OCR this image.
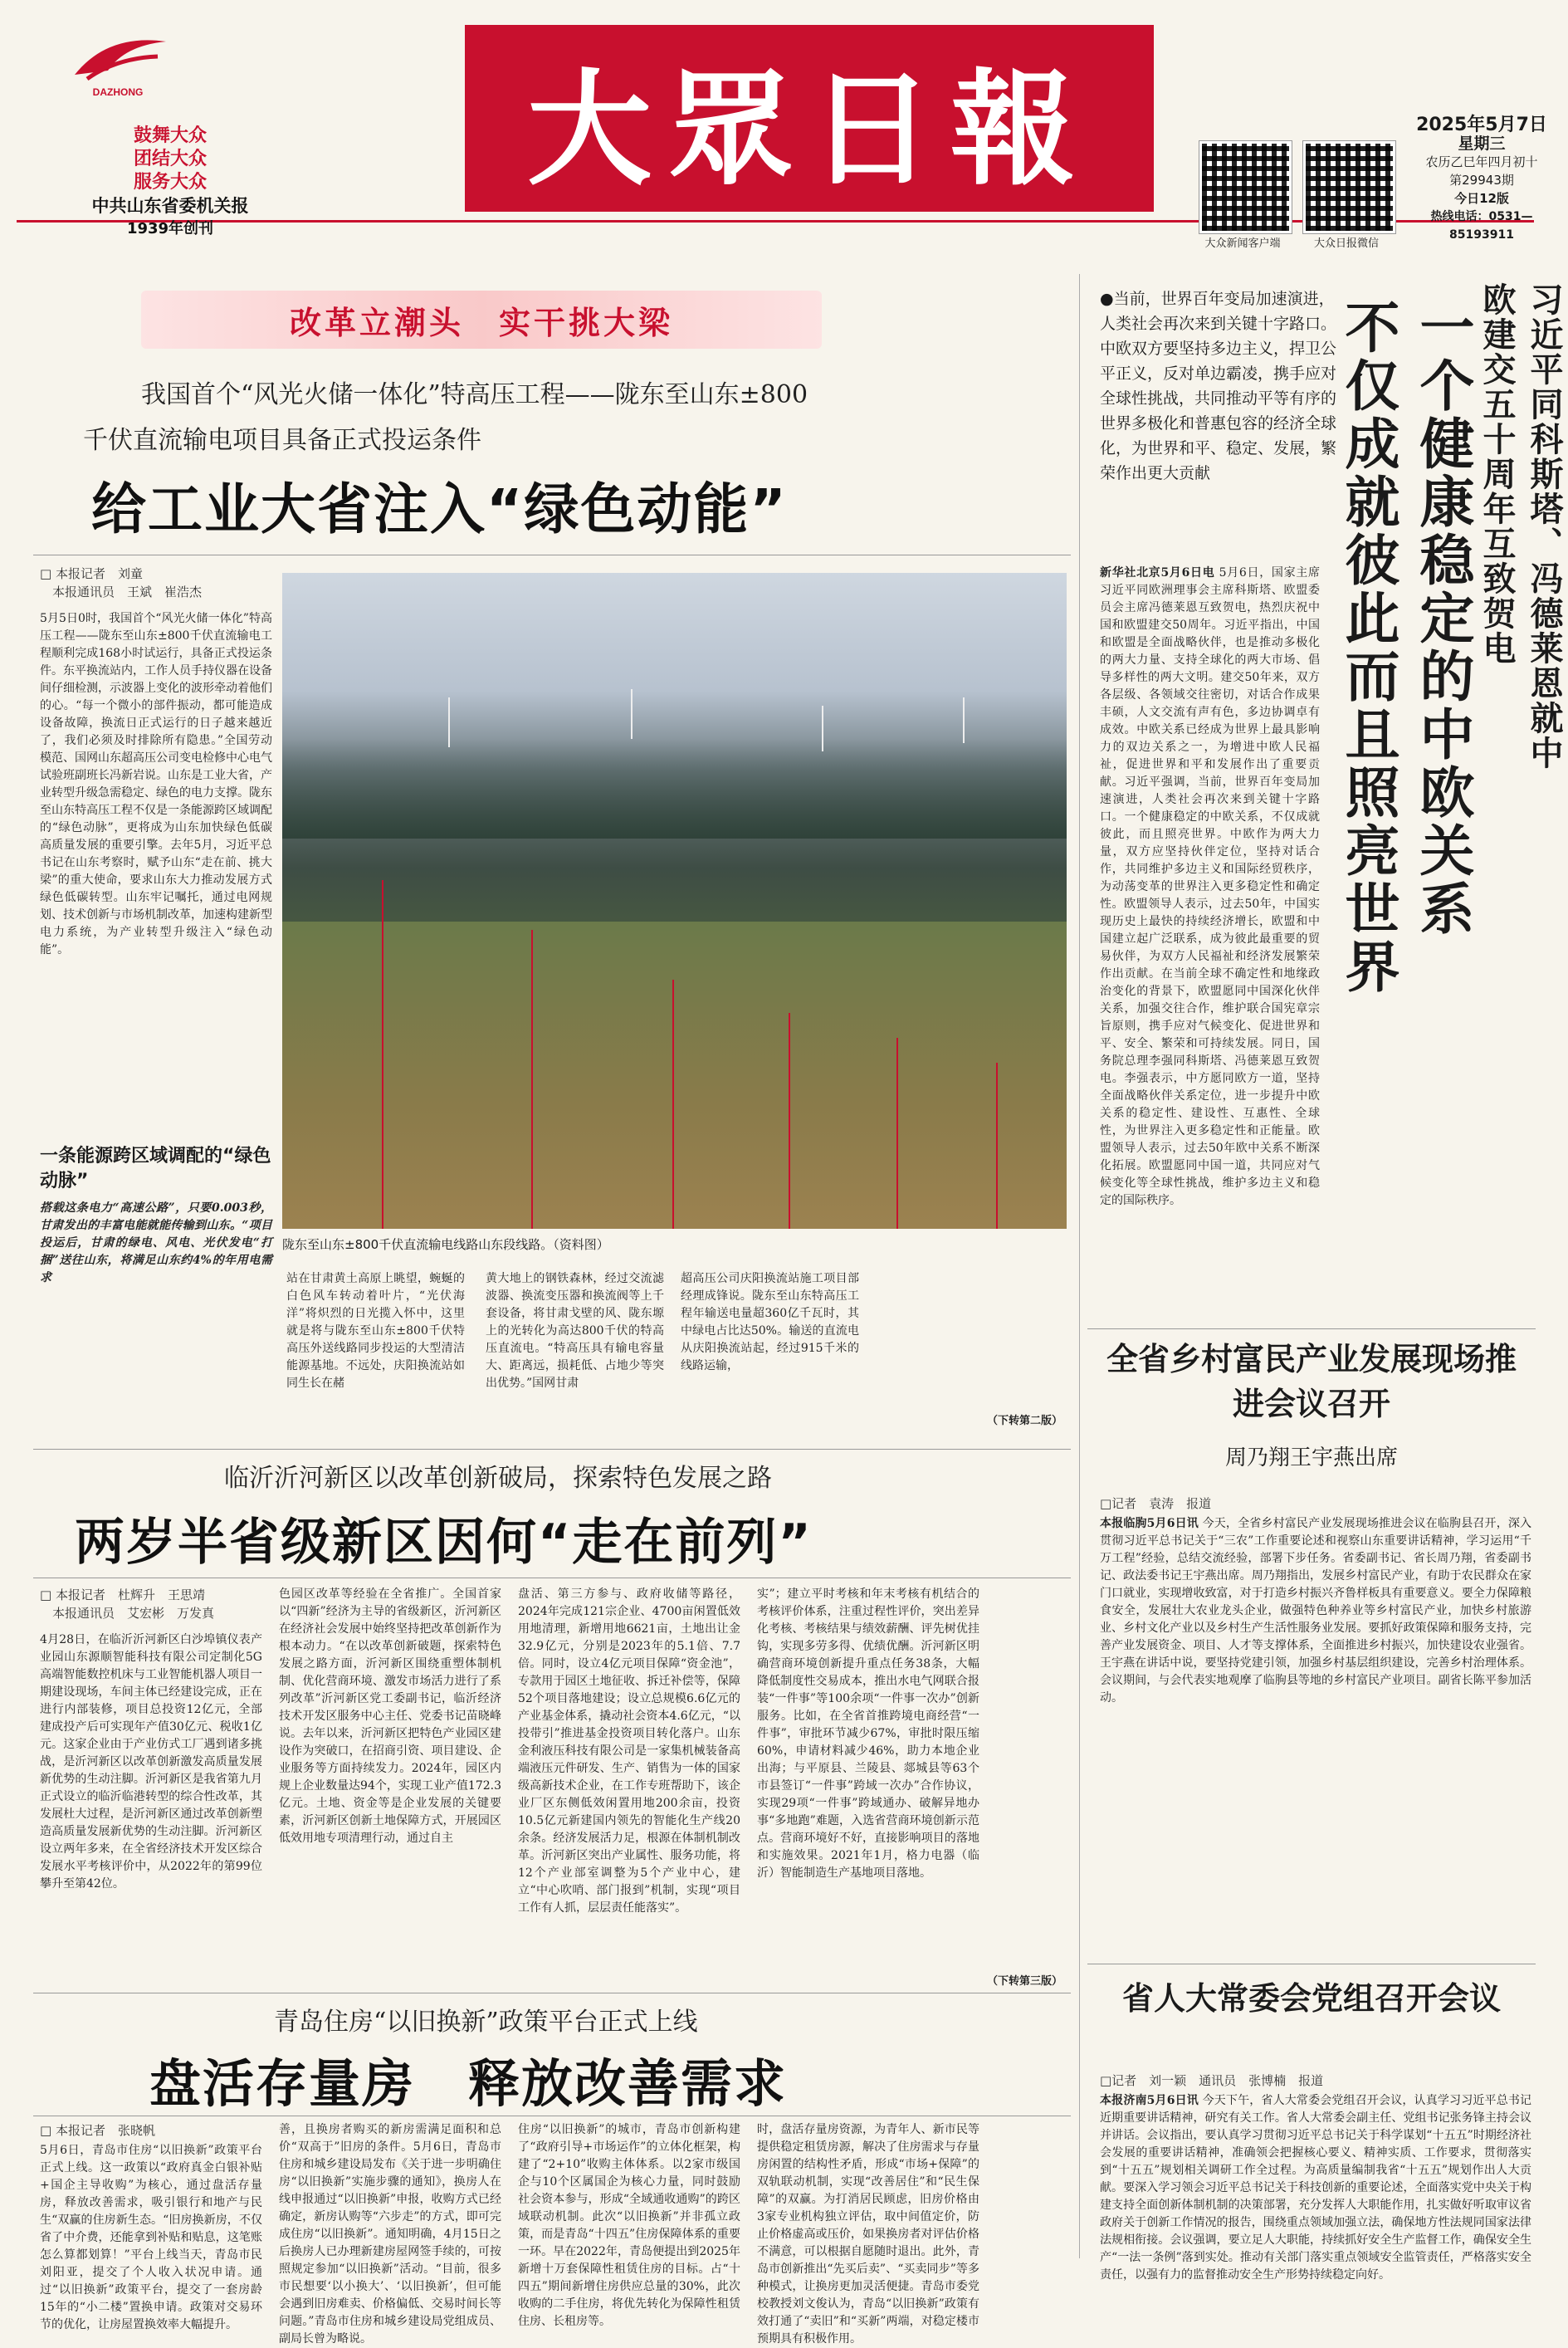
DAZHONG
鼓舞大众
团结大众
服务大众
中共山东省委机关报
1939年创刊
大眾日報
大众新闻客户端	大众日报微信
2025年5月7日
星期三
农历乙巳年四月初十
第29943期
今日12版
热线电话：0531—85193911
改革立潮头　实干挑大梁
我国首个“风光火储一体化”特高压工程——陇东至山东±800
千伏直流输电项目具备正式投运条件
给工业大省注入“绿色动能”
□ 本报记者　刘童
　本报通讯员　王斌　崔浩杰
5月5日0时，我国首个“风光火储一体化”特高压工程——陇东至山东±800千伏直流输电工程顺利完成168小时试运行，具备正式投运条件。东平换流站内，工作人员手持仪器在设备间仔细检测，示波器上变化的波形牵动着他们的心。“每一个微小的部件振动，都可能造成设备故障，换流日正式运行的日子越来越近了，我们必须及时排除所有隐患。”全国劳动模范、国网山东超高压公司变电检修中心电气试验班副班长冯新岩说。山东是工业大省，产业转型升级急需稳定、绿色的电力支撑。陇东至山东特高压工程不仅是一条能源跨区域调配的“绿色动脉”，更将成为山东加快绿色低碳高质量发展的重要引擎。去年5月，习近平总书记在山东考察时，赋予山东“走在前、挑大梁”的重大使命，要求山东大力推动发展方式绿色低碳转型。山东牢记嘱托，通过电网规划、技术创新与市场机制改革，加速构建新型电力系统，为产业转型升级注入“绿色动能”。
一条能源跨区域调配的“绿色动脉”
搭载这条电力“高速公路”，只要0.003秒，甘肃发出的丰富电能就能传输到山东。“项目投运后，甘肃的绿电、风电、光伏发电“打捆”送往山东，将满足山东约4%的年用电需求
陇东至山东±800千伏直流输电线路山东段线路。（资料图）
站在甘肃黄土高原上眺望，蜿蜒的白色风车转动着叶片，“光伏海洋”将炽烈的日光揽入怀中，这里就是将与陇东至山东±800千伏特高压外送线路同步投运的大型清洁能源基地。不远处，庆阳换流站如同生长在赭
黄大地上的钢铁森林，经过交流滤波器、换流变压器和换流阀等上千套设备，将甘肃戈壁的风、陇东塬上的光转化为高达800千伏的特高压直流电。“特高压具有输电容量大、距离远，损耗低、占地少等突出优势。”国网甘肃
超高压公司庆阳换流站施工项目部经理成锋说。陇东至山东特高压工程年输送电量超360亿千瓦时，其中绿电占比达50%。输送的直流电从庆阳换流站起，经过915千米的线路运输，
（下转第二版）
临沂沂河新区以改革创新破局，探索特色发展之路
两岁半省级新区因何“走在前列”
□ 本报记者　杜辉升　王思靖
　本报通讯员　艾宏彬　万发真
4月28日，在临沂沂河新区白沙埠镇仪表产业园山东源顺智能科技有限公司定制化5G高端智能数控机床与工业智能机器人项目一期建设现场，车间主体已经建设完成，正在进行内部装修，项目总投资12亿元，全部建成投产后可实现年产值30亿元、税收1亿元。这家企业由于产业仿式工厂遇到诸多挑战，是沂河新区以改革创新激发高质量发展新优势的生动注脚。沂河新区是我省第九月正式设立的临沂临港转型的综合性改革，其发展杜大过程，是沂河新区通过改革创新塑造高质量发展新优势的生动注脚。沂河新区设立两年多来，在全省经济技术开发区综合发展水平考核评价中，从2022年的第99位攀升至第42位。
色园区改革等经验在全省推广。全国首家以“四新”经济为主导的省级新区，沂河新区在经济社会发展中始终坚持把改革创新作为根本动力。“在以改革创新破题，探索特色发展之路方面，沂河新区围绕重塑体制机制、优化营商环境、激发市场活力进行了系列改革”沂河新区党工委副书记，临沂经济技术开发区服务中心主任、党委书记苗晓峰说。去年以来，沂河新区把特色产业园区建设作为突破口，在招商引资、项目建设、企业服务等方面持续发力。2024年，园区内规上企业数量达94个，实现工业产值172.3亿元。土地、资金等是企业发展的关键要素，沂河新区创新土地保障方式，开展园区低效用地专项清理行动，通过自主
盘活、第三方参与、政府收储等路径，2024年完成121宗企业、4700亩闲置低效用地清理，新增用地6621亩，土地出让金32.9亿元，分别是2023年的5.1倍、7.7倍。同时，设立4亿元项目保障“资金池”，专款用于园区土地征收、拆迁补偿等，保障52个项目落地建设；设立总规模6.6亿元的产业基金体系，撬动社会资本4.6亿元，“以投带引”推进基金投资项目转化落户。山东金利液压科技有限公司是一家集机械装备高端液压元件研发、生产、销售为一体的国家级高新技术企业，在工作专班帮助下，该企业厂区东侧低效闲置用地200余亩，投资10.5亿元新建国内领先的智能化生产线20余条。经济发展活力足，根源在体制机制改革。沂河新区突出产业属性、服务功能，将12个产业部室调整为5个产业中心，建立“中心吹哨、部门报到”机制，实现“项目工作有人抓，层层责任能落实”。
实”；建立平时考核和年末考核有机结合的考核评价体系，注重过程性评价，突出差异化考核、考核结果与绩效薪酬、评先树优挂钩，实现多劳多得、优绩优酬。沂河新区明确营商环境创新提升重点任务38条，大幅降低制度性交易成本，推出水电气网联合报装“一件事”等100余项“一件事一次办”创新服务。比如，在全省首推跨境电商经营“一件事”，审批环节减少67%，审批时限压缩60%，申请材料减少46%，助力本地企业出海；与平原县、兰陵县、郯城县等63个市县签订“一件事”跨域一次办”合作协议，实现29项“一件事”跨域通办、破解异地办事“多地跑”难题，入选省营商环境创新示范点。营商环境好不好，直接影响项目的落地和实施效果。2021年1月，格力电器（临沂）智能制造生产基地项目落地。
（下转第三版）
青岛住房“以旧换新”政策平台正式上线
盘活存量房　释放改善需求
□ 本报记者　张晓帆
5月6日，青岛市住房“以旧换新”政策平台正式上线。这一政策以“政府真金白银补贴+国企主导收购”为核心，通过盘活存量房，释放改善需求，吸引银行和地产与民生“双赢的住房新生态。“旧房换新房，不仅省了中介费，还能拿到补贴和贴息，这笔账怎么算都划算！”平台上线当天，青岛市民刘阳亚，提交了个人收入状况申请。通过“以旧换新”政策平台，提交了一套房龄15年的“小二楼”置换申请。政策对交易环节的优化，让房屋置换效率大幅提升。
善，且换房者购买的新房需满足面积和总价“双高于”旧房的条件。5月6日，青岛市住房和城乡建设局发布《关于进一步明确住房“以旧换新”实施步骤的通知》，换房人在线申报通过“以旧换新”申报，收购方式已经确定，新房认购等“六步走”的方式，即可完成住房“以旧换新”。通知明确，4月15日之后换房人已办理新建房屋网签手续的，可按照规定参加“以旧换新”活动。“目前，很多市民想要‘以小换大’、‘以旧换新’，但可能会遇到旧房难卖、价格偏低、交易时间长等问题。”青岛市住房和城乡建设局党组成员、副局长曾为略说。
住房“以旧换新”的城市，青岛市创新构建了“政府引导+市场运作”的立体化框架，构建了“2+10”收购主体体系。以2家市级国企与10个区属国企为核心力量，同时鼓励社会资本参与，形成“全域通收通购”的跨区域联动机制。此次“以旧换新”并非孤立政策，而是青岛“十四五”住房保障体系的重要一环。早在2022年，青岛便提出到2025年新增十万套保障性租赁住房的目标。占“十四五”期间新增住房供应总量的30%，此次收购的二手住房，将优先转化为保障性租赁住房、长租房等。
时，盘活存量房资源，为青年人、新市民等提供稳定租赁房源，解决了住房需求与存量房闲置的结构性矛盾，形成“市场+保障”的双轨联动机制，实现“改善居住”和“民生保障”的双赢。为打消居民顾虑，旧房价格由3家专业机构独立评估，取中间值定价，防止价格虚高或压价，如果换房者对评估价格不满意，可以根据自愿随时退出。此外，青岛市创新推出“先买后卖”、“买卖同步”等多种模式，让换房更加灵活便捷。青岛市委党校教授刘文俊认为，青岛“以旧换新”政策有效打通了“卖旧”和“买新”两端，对稳定楼市预期具有积极作用。
●当前，世界百年变局加速演进，人类社会再次来到关键十字路口。中欧双方要坚持多边主义，捍卫公平正义，反对单边霸凌，携手应对全球性挑战，共同推动平等有序的世界多极化和普惠包容的经济全球化，为世界和平、稳定、发展，繁荣作出更大贡献	习近平同科斯塔、冯德莱恩就中欧建交五十周年互致贺电
一个健康稳定的中欧关系
不仅成就彼此而且照亮世界
新华社北京5月6日电 5月6日，国家主席习近平同欧洲理事会主席科斯塔、欧盟委员会主席冯德莱恩互致贺电，热烈庆祝中国和欧盟建交50周年。习近平指出，中国和欧盟是全面战略伙伴，也是推动多极化的两大力量、支持全球化的两大市场、倡导多样性的两大文明。建交50年来，双方各层级、各领域交往密切，对话合作成果丰硕，人文交流有声有色，多边协调卓有成效。中欧关系已经成为世界上最具影响力的双边关系之一，为增进中欧人民福祉，促进世界和平和发展作出了重要贡献。习近平强调，当前，世界百年变局加速演进，人类社会再次来到关键十字路口。一个健康稳定的中欧关系，不仅成就彼此，而且照亮世界。中欧作为两大力量，双方应坚持伙伴定位，坚持对话合作，共同维护多边主义和国际经贸秩序，为动荡变革的世界注入更多稳定性和确定性。欧盟领导人表示，过去50年，中国实现历史上最快的持续经济增长，欧盟和中国建立起广泛联系，成为彼此最重要的贸易伙伴，为双方人民福祉和经济发展繁荣作出贡献。在当前全球不确定性和地缘政治变化的背景下，欧盟愿同中国深化伙伴关系，加强交往合作，维护联合国宪章宗旨原则，携手应对气候变化、促进世界和平、安全、繁荣和可持续发展。同日，国务院总理李强同科斯塔、冯德莱恩互致贺电。李强表示，中方愿同欧方一道，坚持全面战略伙伴关系定位，进一步提升中欧关系的稳定性、建设性、互惠性、全球性，为世界注入更多稳定性和正能量。欧盟领导人表示，过去50年欧中关系不断深化拓展。欧盟愿同中国一道，共同应对气候变化等全球性挑战，维护多边主义和稳定的国际秩序。
全省乡村富民产业发展现场推进会议召开
周乃翔王宇燕出席
□记者　袁涛　报道
本报临朐5月6日讯 今天，全省乡村富民产业发展现场推进会议在临朐县召开，深入贯彻习近平总书记关于“三农”工作重要论述和视察山东重要讲话精神，学习运用“千万工程”经验，总结交流经验，部署下步任务。省委副书记、省长周乃翔，省委副书记、政法委书记王宇燕出席。周乃翔指出，发展乡村富民产业，有助于农民群众在家门口就业，实现增收致富，对于打造乡村振兴齐鲁样板具有重要意义。要全力保障粮食安全，发展壮大农业龙头企业，做强特色种养业等乡村富民产业，加快乡村旅游业、乡村文化产业以及乡村生产生活性服务业发展。要抓好政策保障和服务支持，完善产业发展资金、项目、人才等支撑体系，全面推进乡村振兴，加快建设农业强省。王宇燕在讲话中说，要坚持党建引领，加强乡村基层组织建设，完善乡村治理体系。会议期间，与会代表实地观摩了临朐县等地的乡村富民产业项目。副省长陈平参加活动。
省人大常委会党组召开会议
□记者　刘一颖　通讯员　张博楠　报道
本报济南5月6日讯 今天下午，省人大常委会党组召开会议，认真学习习近平总书记近期重要讲话精神，研究有关工作。省人大常委会副主任、党组书记张务锋主持会议并讲话。会议指出，要认真学习贯彻习近平总书记关于科学谋划“十五五”时期经济社会发展的重要讲话精神，准确领会把握核心要义、精神实质、工作要求，贯彻落实到“十五五”规划相关调研工作全过程。为高质量编制我省“十五五”规划作出人大贡献。要深入学习领会习近平总书记关于科技创新的重要论述，全面落实党中央关于构建支持全面创新体制机制的决策部署，充分发挥人大职能作用，扎实做好听取审议省政府关于创新工作情况的报告，围绕重点领域加强立法，确保地方性法规同国家法律法规相衔接。会议强调，要立足人大职能，持续抓好安全生产监督工作，确保安全生产“一法一条例”落到实处。推动有关部门落实重点领域安全监管责任，严格落实安全责任，以强有力的监督推动安全生产形势持续稳定向好。
